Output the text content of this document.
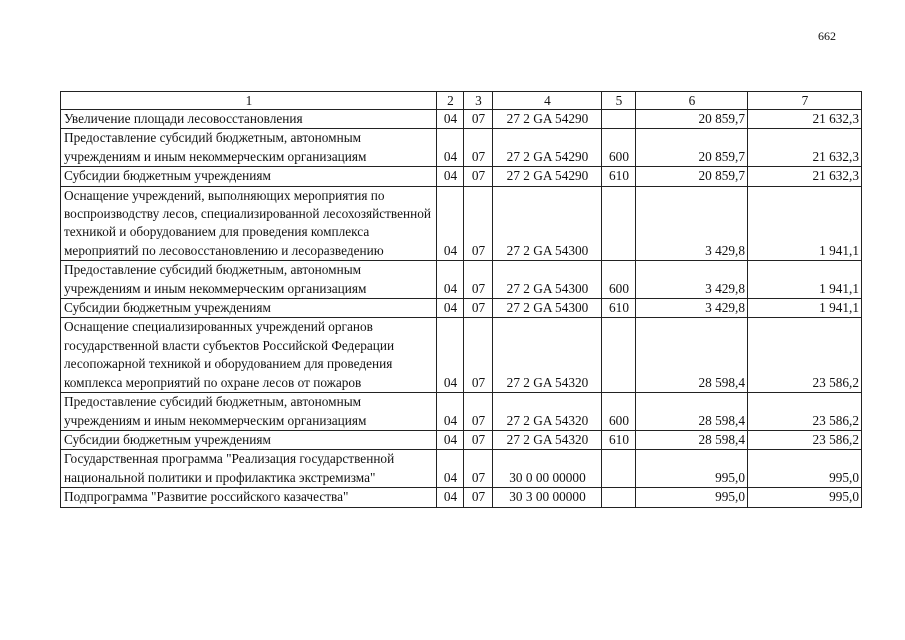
662
1	2	3	4	5	6	7
Увеличение площади лесовосстановления	04	07	27 2 GA 54290		20 859,7	21 632,3
Предоставление субсидий бюджетным, автономным учреждениям и иным некоммерческим организациям	04	07	27 2 GA 54290	600	20 859,7	21 632,3
Субсидии бюджетным учреждениям	04	07	27 2 GA 54290	610	20 859,7	21 632,3
Оснащение учреждений, выполняющих мероприятия по воспроизводству лесов, специализированной лесохозяйственной техникой и оборудованием для проведения комплекса мероприятий по лесовосстановлению и лесоразведению	04	07	27 2 GA 54300		3 429,8	1 941,1
Предоставление субсидий бюджетным, автономным учреждениям и иным некоммерческим организациям	04	07	27 2 GA 54300	600	3 429,8	1 941,1
Субсидии бюджетным учреждениям	04	07	27 2 GA 54300	610	3 429,8	1 941,1
Оснащение специализированных учреждений органов государственной власти субъектов Российской Федерации лесопожарной техникой и оборудованием для проведения комплекса мероприятий по охране лесов от пожаров	04	07	27 2 GA 54320		28 598,4	23 586,2
Предоставление субсидий бюджетным, автономным учреждениям и иным некоммерческим организациям	04	07	27 2 GA 54320	600	28 598,4	23 586,2
Субсидии бюджетным учреждениям	04	07	27 2 GA 54320	610	28 598,4	23 586,2
Государственная программа "Реализация государственной национальной политики и профилактика экстремизма"	04	07	30 0 00 00000		995,0	995,0
Подпрограмма "Развитие российского казачества"	04	07	30 3 00 00000		995,0	995,0
